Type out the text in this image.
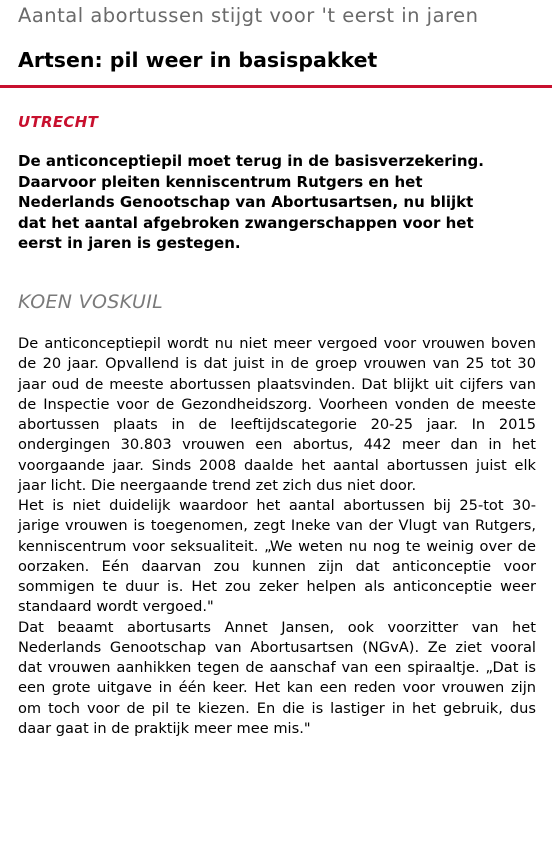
Aantal abortussen stijgt voor 't eerst in jaren
Artsen: pil weer in basispakket
UTRECHT
De anticonceptiepil moet terug in de basisverzekering. Daarvoor pleiten kenniscentrum Rutgers en het Nederlands Genootschap van Abortusartsen, nu blijkt dat het aantal afgebroken zwangerschappen voor het eerst in jaren is gestegen.
KOEN VOSKUIL

De anticonceptiepil wordt nu niet meer vergoed voor vrouwen boven de 20 jaar. Opvallend is dat juist in de groep vrouwen van 25 tot 30 jaar oud de meeste abortussen plaatsvinden. Dat blijkt uit cijfers van de Inspectie voor de Gezondheidszorg. Voorheen vonden de meeste abortussen plaats in de leeftijdscategorie 20-25 jaar. In 2015 ondergingen 30.803 vrouwen een abortus, 442 meer dan in het voorgaande jaar. Sinds 2008 daalde het aantal abortussen juist elk jaar licht. Die neergaande trend zet zich dus niet door.

Het is niet duidelijk waardoor het aantal abortussen bij 25-tot 30-jarige vrouwen is toegenomen, zegt Ineke van der Vlugt van Rutgers, kenniscentrum voor seksualiteit. „We weten nu nog te weinig over de oorzaken. Eén daarvan zou kunnen zijn dat anticonceptie voor sommigen te duur is. Het zou zeker helpen als anticonceptie weer standaard wordt vergoed."

Dat beaamt abortusarts Annet Jansen, ook voorzitter van het Nederlands Genootschap van Abortusartsen (NGvA). Ze ziet vooral dat vrouwen aanhikken tegen de aanschaf van een spiraaltje. „Dat is een grote uitgave in één keer. Het kan een reden voor vrouwen zijn om toch voor de pil te kiezen. En die is lastiger in het gebruik, dus daar gaat in de praktijk meer mee mis."
